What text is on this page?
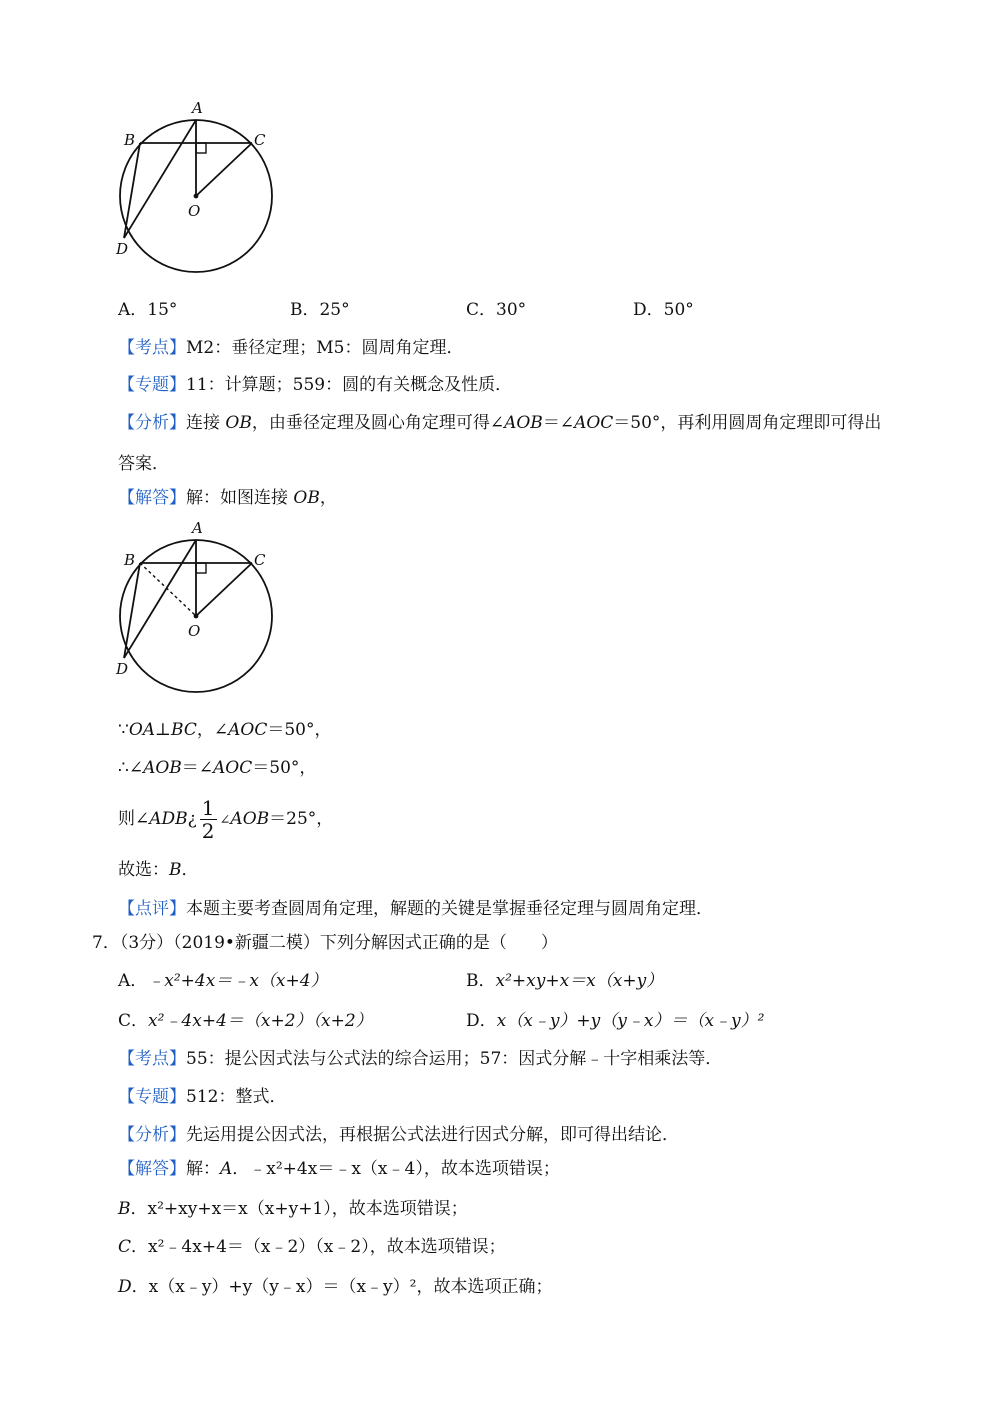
A
B	C
O
D
A．15°	B．25°	C．30°	D．50°
【考点】M2：垂径定理；M5：圆周角定理．
【专题】11：计算题；559：圆的有关概念及性质．
【分析】连接 OB，由垂径定理及圆心角定理可得∠AOB＝∠AOC＝50°，再利用圆周角定理即可得出
答案．
【解答】解：如图连接 OB，
A
B	C
O
D
∵OA⊥BC，∠AOC＝50°，
∴∠AOB＝∠AOC＝50°，
则∠ADB¿ $\frac{1}{2}$ ∠AOB＝25°，
故选：B．
【点评】本题主要考查圆周角定理，解题的关键是掌握垂径定理与圆周角定理．
7．（3分）（2019•新疆二模）下列分解因式正确的是（　　）
A．﹣x²+4x＝﹣x（x+4）	B．x²+xy+x＝x（x+y）
C．x²﹣4x+4＝（x+2）（x+2）	D．x（x﹣y）+y（y﹣x）＝（x﹣y）²
【考点】55：提公因式法与公式法的综合运用；57：因式分解﹣十字相乘法等．
【专题】512：整式．
【分析】先运用提公因式法，再根据公式法进行因式分解，即可得出结论．
【解答】解：A．﹣x²+4x＝﹣x（x﹣4），故本选项错误；
B．x²+xy+x＝x（x+y+1），故本选项错误；
C．x²﹣4x+4＝（x﹣2）（x﹣2），故本选项错误；
D．x（x﹣y）+y（y﹣x）＝（x﹣y）²，故本选项正确；
